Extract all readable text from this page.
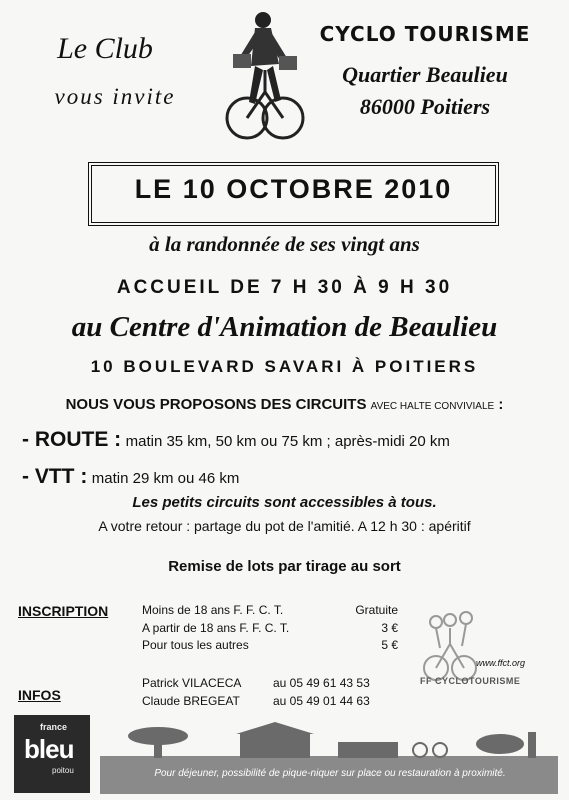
Le Club
vous invite
CYCLO TOURISME
Quartier Beaulieu
86000 Poitiers
LE 10 OCTOBRE 2010
à la randonnée de ses vingt ans
ACCUEIL DE 7 H 30 À 9 H 30
au Centre d'Animation de Beaulieu
10 BOULEVARD SAVARI À POITIERS
NOUS VOUS PROPOSONS DES CIRCUITS AVEC HALTE CONVIVIALE :
- ROUTE : matin 35 km, 50 km ou 75 km ; après-midi 20 km
- VTT : matin 29 km ou 46 km
Les petits circuits sont accessibles à tous.
A votre retour : partage du pot de l'amitié. A 12 h 30 : apéritif
Remise de lots par tirage au sort
INSCRIPTION	Moins de 18 ans F. F. C. T.	Gratuite
A partir de 18 ans F. F. C. T.	3 €
Pour tous les autres	5 €
INFOS
Patrick VILACECA	au 05 49 61 43 53
Claude BREGEAT	au 05 49 01 44 63
www.ffct.org
FF CYCLOTOURISME
france
bleu
poitou	Pour déjeuner, possibilité de pique-niquer sur place ou restauration à proximité.
